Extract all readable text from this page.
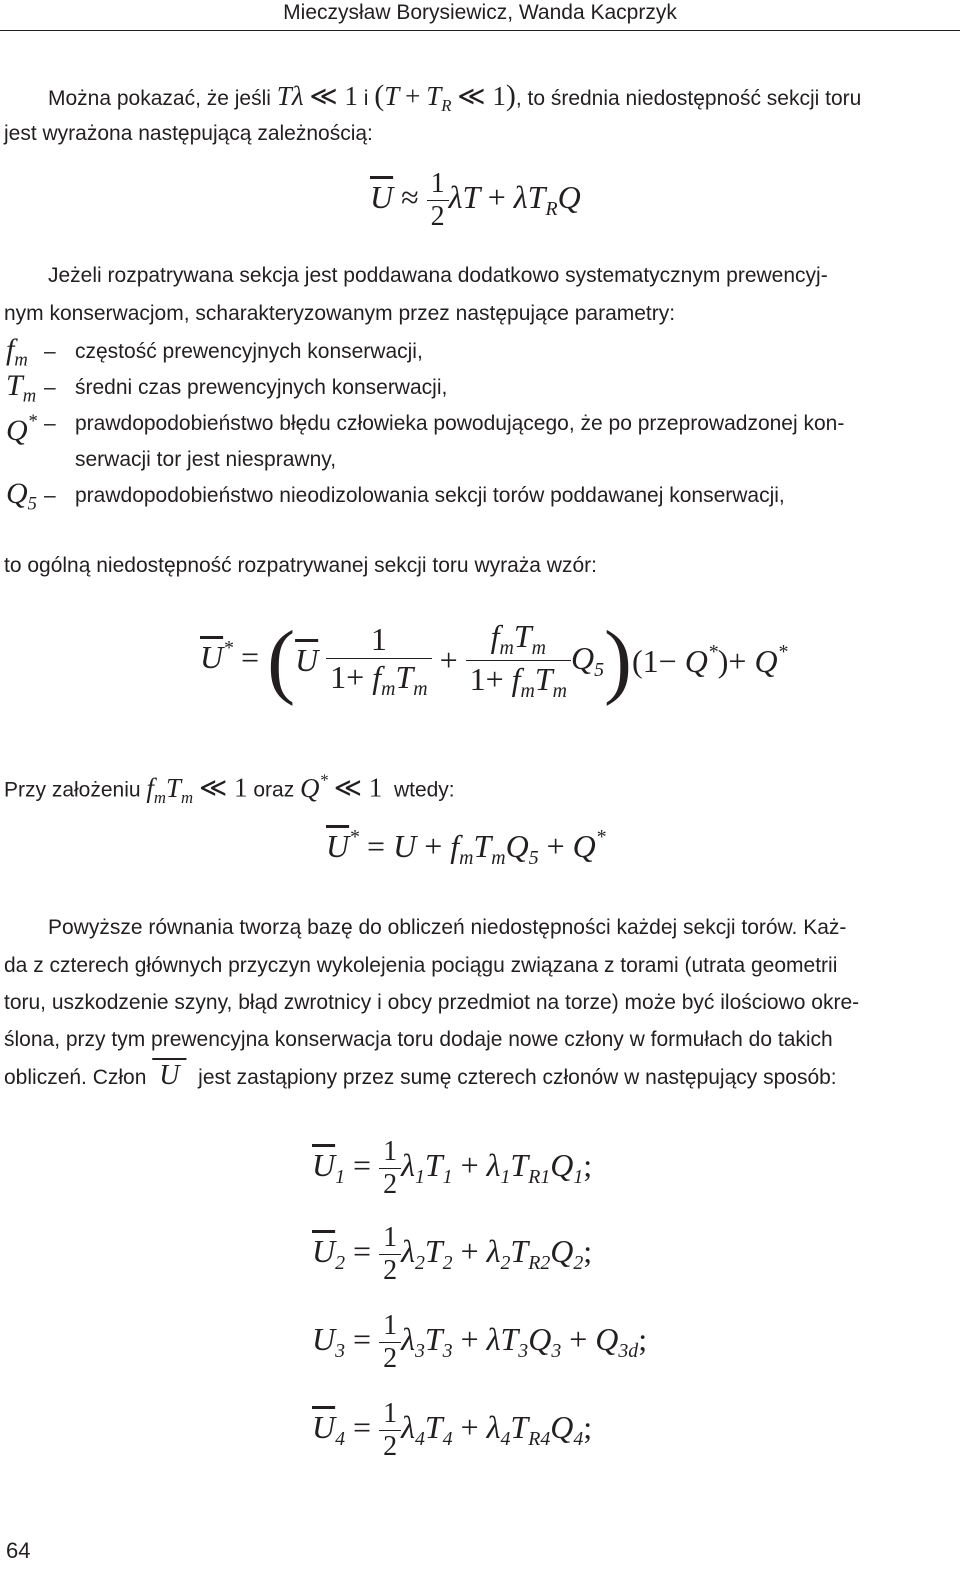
Mieczysław Borysiewicz, Wanda Kacprzyk

Można pokazać, że jeśli Tλ ≪ 1 i ($T + T_R$ ≪ 1), to średnia niedostępność sekcji toru

jest wyrażona następującą zależnością:

$\overline{U} \approx \frac{1}{2}$ $\lambda T + \lambda T_RQ$

Jeżeli rozpatrywana sekcja jest poddawana dodatkowo systematycznym prewencyj-

nym konserwacjom, scharakteryzowanym przez następujące parametry:

$f_m$ – częstość prewencyjnych konserwacji,
$T_m$ – średni czas prewencyjnych konserwacji,
Q* – prawdopodobieństwo błędu człowieka powodującego, że po przeprowadzonej kon-
serwacji tor jest niesprawny,
$Q_5$ – prawdopodobieństwo nieodizolowania sekcji torów poddawanej konserwacji,

to ogólną niedostępność rozpatrywanej sekcji toru wyraża wzór:

$\overline{U}^* = (\overline{U} \frac{1}{1+ f_mT_m} + \frac{f_mT_m}{1+ f_mT_m} Q_5)(1- Q^*)+ Q^*$

Przy założeniu $f_mT_m$ ≪ 1 oraz Q* ≪ 1 wtedy:

$\overline{U}^* = U + f_mT_mQ_5 + Q^*$

Powyższe równania tworzą bazę do obliczeń niedostępności każdej sekcji torów. Każ-

da z czterech głównych przyczyn wykolejenia pociągu związana z torami (utrata geometrii

toru, uszkodzenie szyny, błąd zwrotnicy i obcy przedmiot na torze) może być ilościowo okre-

ślona, przy tym prewencyjna konserwacja toru dodaje nowe człony w formułach do takich

obliczeń. Człon  U   jest zastąpiony przez sumę czterech członów w następujący sposób:

$\overline{U}_1 = \frac{1}{2} \lambda_1T_1 + \lambda_1T_{R1}Q_1$;
$\overline{U}_2 = \frac{1}{2} \lambda_2T_2 + \lambda_2T_{R2}Q_2$;
$U_3 = \frac{1}{2} \lambda_3T_3 + \lambda T_3Q_3 + Q_{3d}$;
$\overline{U}_4 = \frac{1}{2} \lambda_4T_4 + \lambda_4T_{R4}Q_4$;
64
